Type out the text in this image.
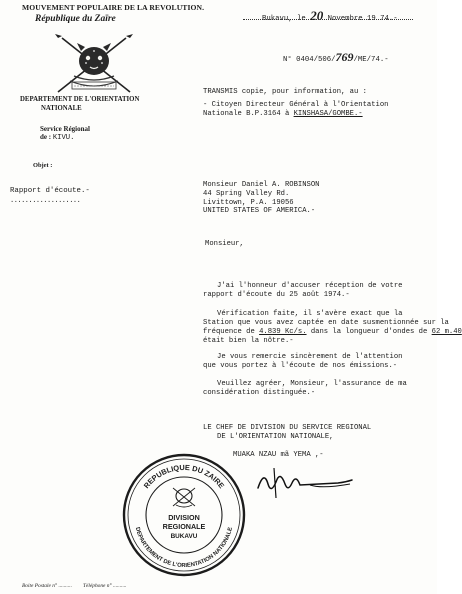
MOUVEMENT POPULAIRE DE LA REVOLUTION.
République du Zaïre
DEPARTEMENT DE L'ORIENTATION
NATIONALE
Service Régional
de : KIVU.
Objet :
Rapport d'écoute.-
...................
Bukavu, le 20 Novembre 19 74.-
N° 0404/506/769/ME/74.-
TRANSMIS copie, pour information, au :
- Citoyen Directeur Général à l'Orientation
Nationale B.P.3164 à KINSHASA/GOMBE.-
Monsieur Daniel A. ROBINSON
44 Spring Valley Rd.
Livittown, P.A. 19056
UNITED STATES OF AMERICA.-
Monsieur,
J'ai l'honneur d'accuser réception de votre
rapport d'écoute du 25 août 1974.-
Vérification faite, il s'avère exact que la
Station que vous avez captée en date susmentionnée sur la
fréquence de 4.839 Kc/s. dans la longueur d'ondes de 62 m.40
était bien la nôtre.-
Je vous remercie sincèrement de l'attention
que vous portez à l'écoute de nos émissions.-
Veuillez agréer, Monsieur, l'assurance de ma
considération distinguée.-
LE CHEF DE DIVISION DU SERVICE REGIONAL
DE L'ORIENTATION NATIONALE,
MUAKA NZAU mã YEMA ,-
REPUBLIQUE DU ZAIRE
DEPARTEMENT DE L'ORIENTATION NATIONALE
DIVISION
REGIONALE
BUKAVU
Boite Postale n° .......... Téléphone n° ..........
